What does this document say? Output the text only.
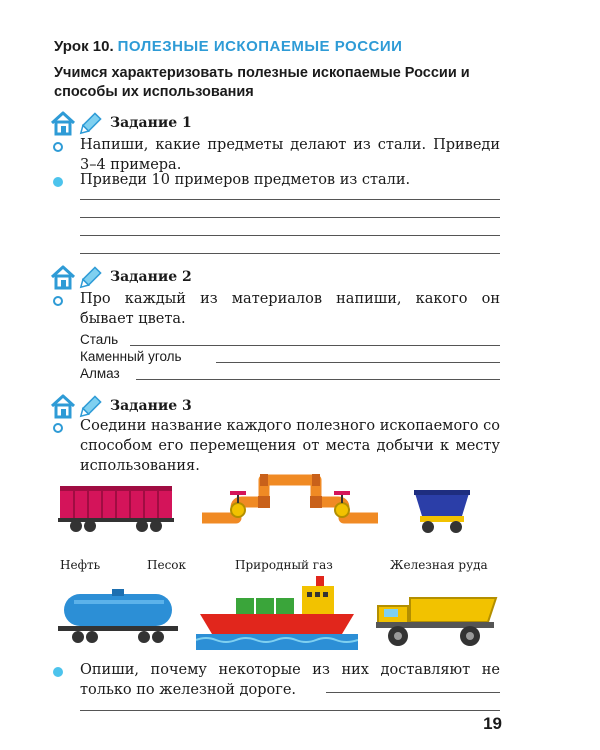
Урок 10. ПОЛЕЗНЫЕ ИСКОПАЕМЫЕ РОССИИ
Учимся характеризовать полезные ископаемые России и способы их использования
Задание 1
Напиши, какие предметы делают из стали. Приведи 3–4 примера.
Приведи 10 примеров предметов из стали.
Задание 2
Про каждый из материалов напиши, какого он бывает цвета.
Сталь
Каменный уголь
Алмаз
Задание 3
Соедини название каждого полезного ископаемого со способом его перемещения от места добычи к месту использования.
Нефть	Песок	Природный газ	Железная руда
Опиши, почему некоторые из них доставляют не только по железной дороге.
19
